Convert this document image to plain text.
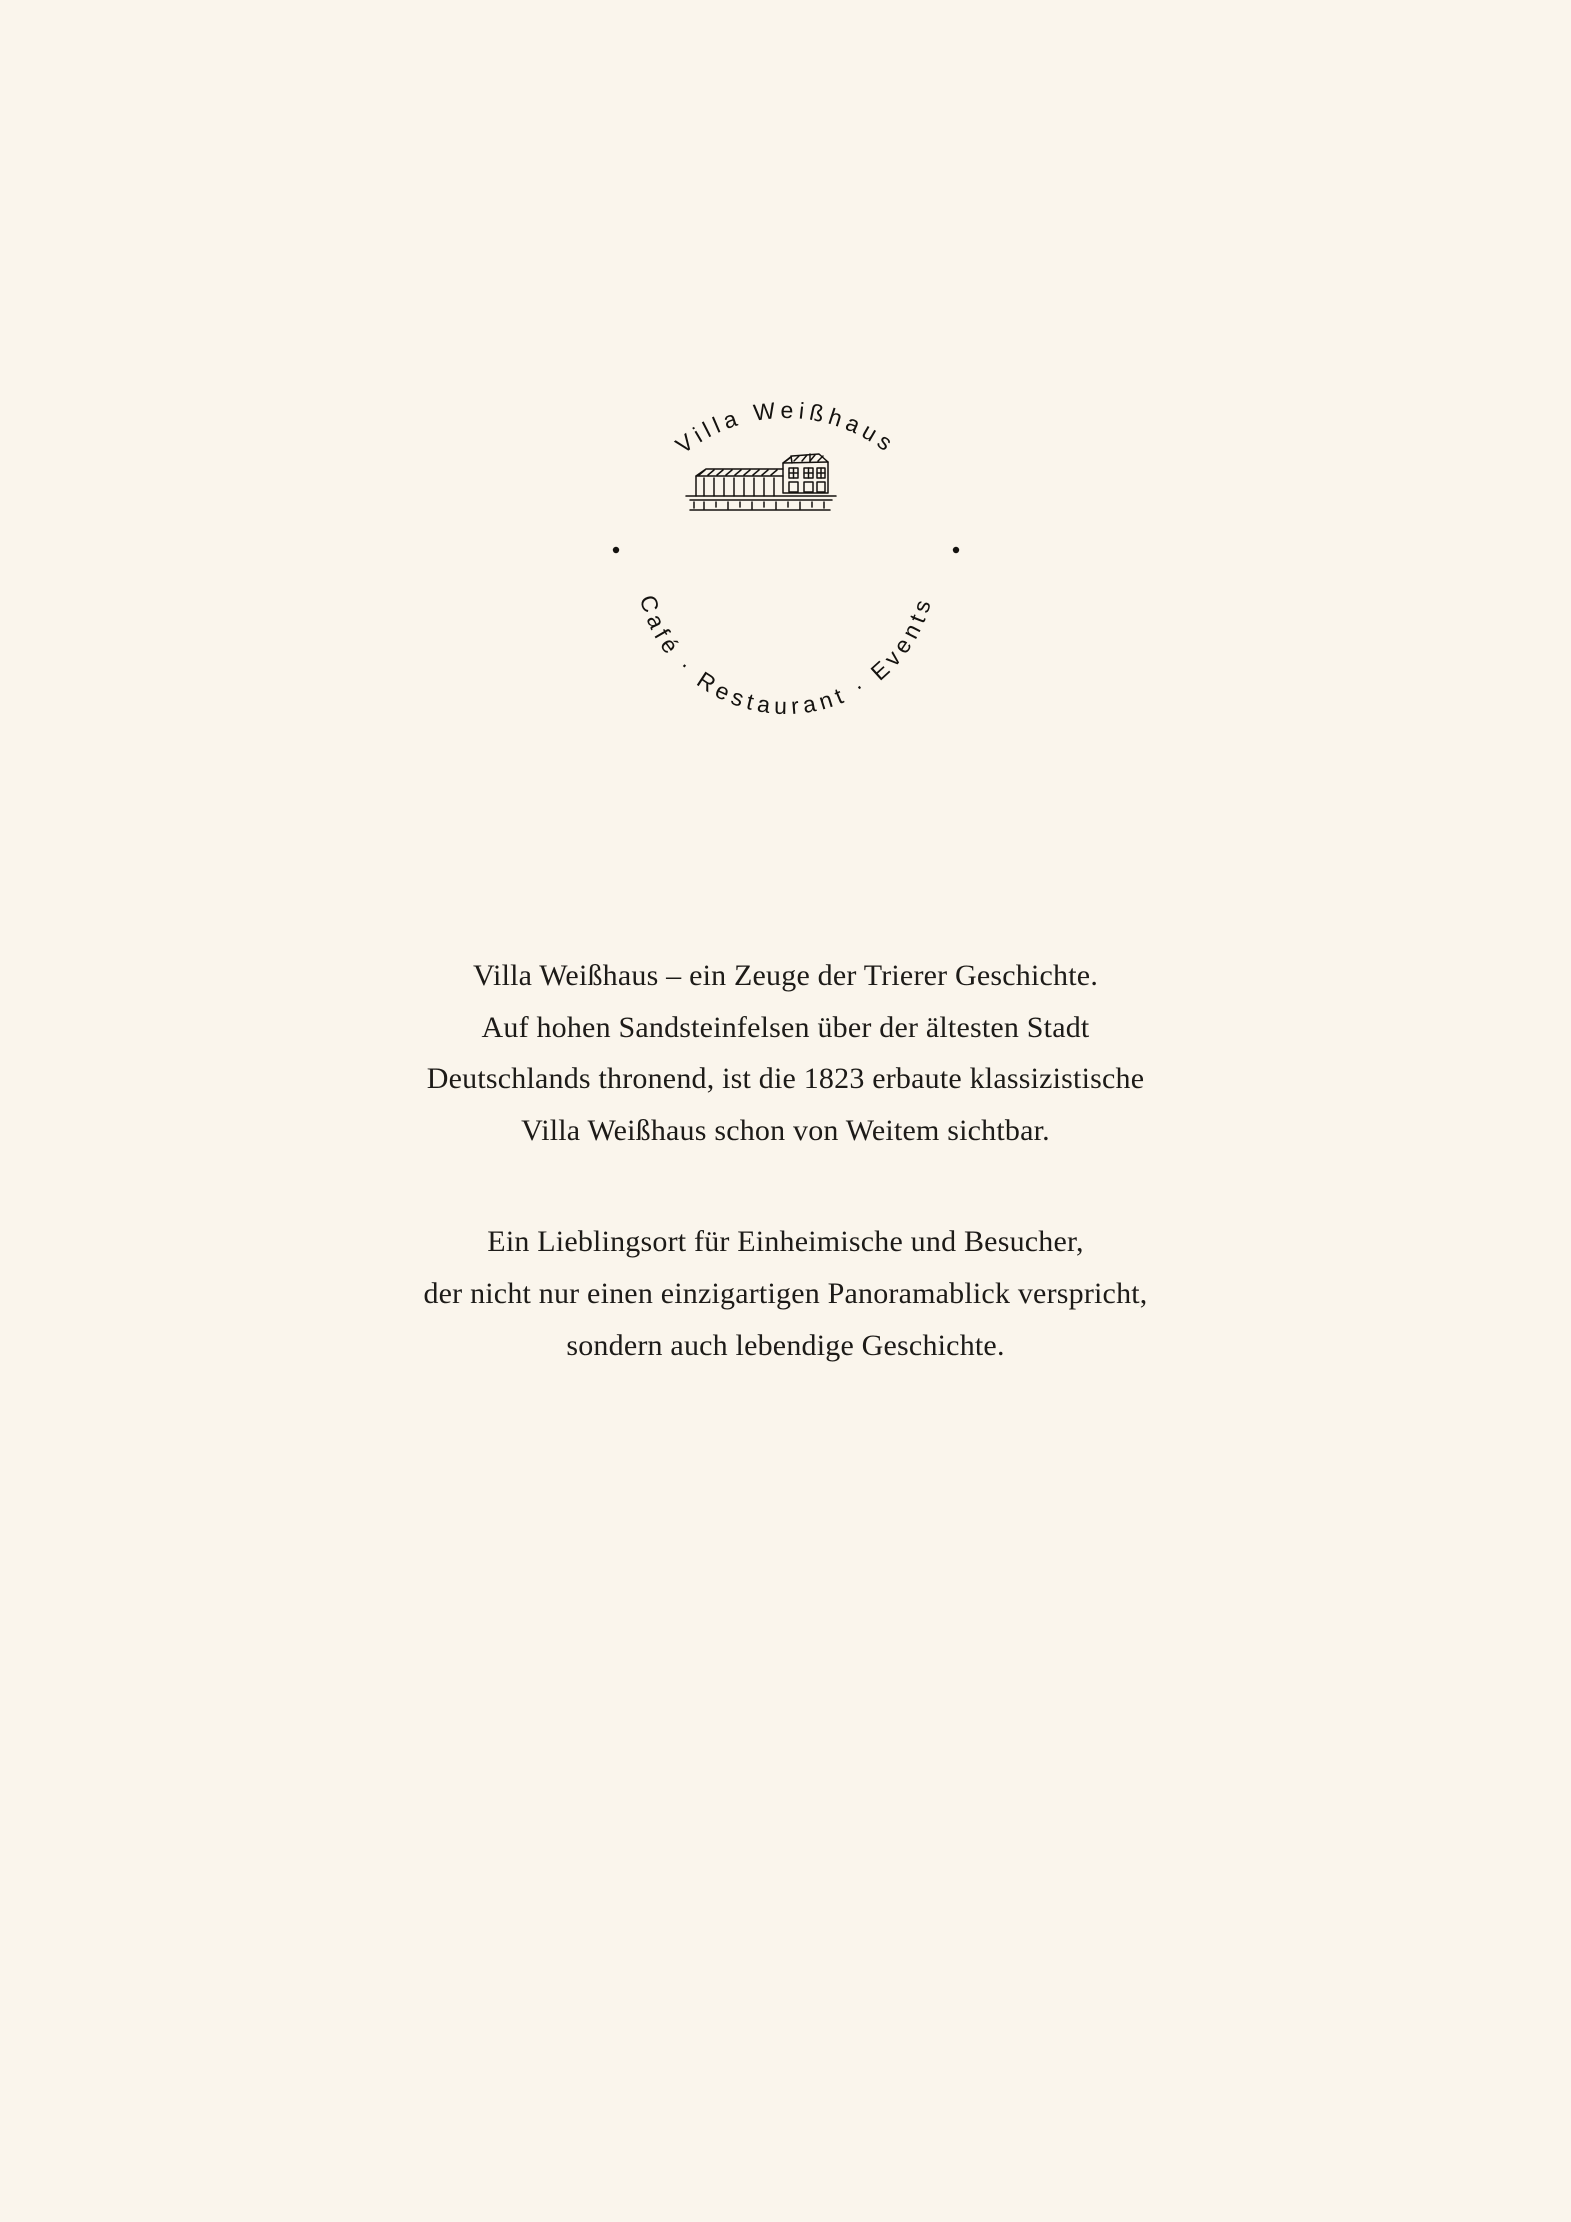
Villa Weißhaus
Café · Restaurant · Events

Villa Weißhaus – ein Zeuge der Trierer Geschichte.
Auf hohen Sandsteinfelsen über der ältesten Stadt
Deutschlands thronend, ist die 1823 erbaute klassizistische
Villa Weißhaus schon von Weitem sichtbar.

Ein Lieblingsort für Einheimische und Besucher,
der nicht nur einen einzigartigen Panoramablick verspricht,
sondern auch lebendige Geschichte.
